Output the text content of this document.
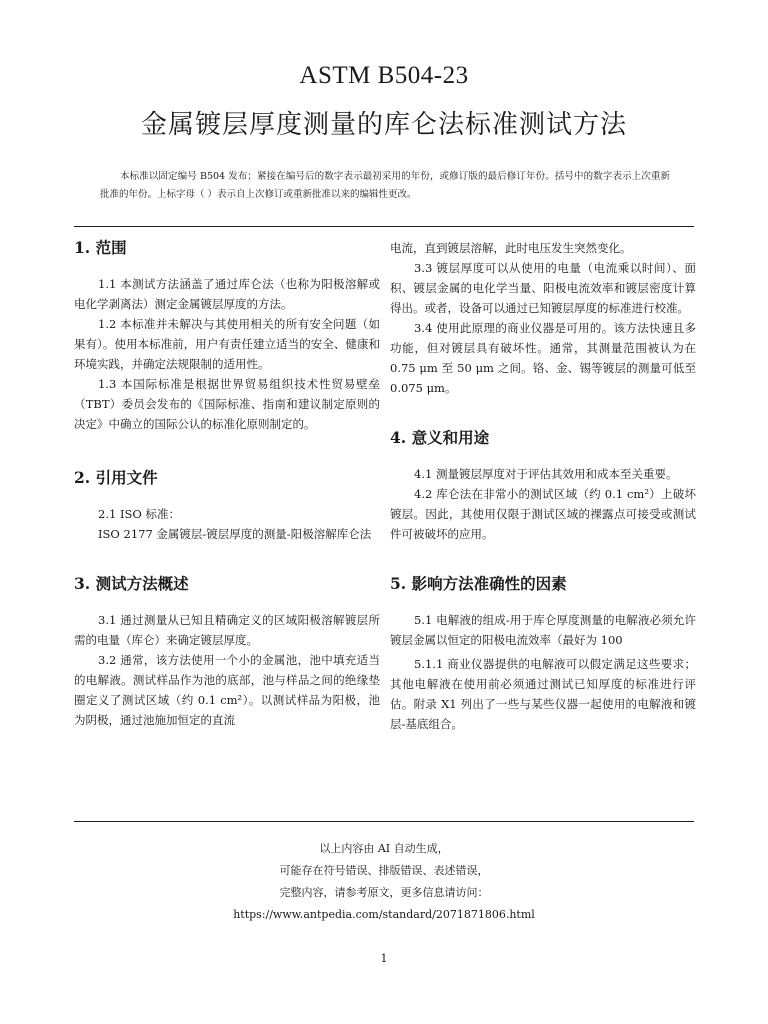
ASTM B504-23
金属镀层厚度测量的库仑法标准测试方法
本标准以固定编号 B504 发布；紧接在编号后的数字表示最初采用的年份，或修订版的最后修订年份。括号中的数字表示上次重新批准的年份。上标字母（ ）表示自上次修订或重新批准以来的编辑性更改。
1. 范围

1.1 本测试方法涵盖了通过库仑法（也称为阳极溶解或电化学剥离法）测定金属镀层厚度的方法。

1.2 本标准并未解决与其使用相关的所有安全问题（如果有）。使用本标准前，用户有责任建立适当的安全、健康和环境实践，并确定法规限制的适用性。

1.3 本国际标准是根据世界贸易组织技术性贸易壁垒（TBT）委员会发布的《国际标准、指南和建议制定原则的决定》中确立的国际公认的标准化原则制定的。

2. 引用文件

2.1 ISO 标准：

ISO 2177 金属镀层-镀层厚度的测量-阳极溶解库仑法

3. 测试方法概述

3.1 通过测量从已知且精确定义的区域阳极溶解镀层所需的电量（库仑）来确定镀层厚度。

3.2 通常，该方法使用一个小的金属池，池中填充适当的电解液。测试样品作为池的底部，池与样品之间的绝缘垫圈定义了测试区域（约 0.1 cm²）。以测试样品为阳极，池为阴极，通过池施加恒定的直流

电流，直到镀层溶解，此时电压发生突然变化。

3.3 镀层厚度可以从使用的电量（电流乘以时间）、面积、镀层金属的电化学当量、阳极电流效率和镀层密度计算得出。或者，设备可以通过已知镀层厚度的标准进行校准。

3.4 使用此原理的商业仪器是可用的。该方法快速且多功能，但对镀层具有破坏性。通常，其测量范围被认为在 0.75 μm 至 50 μm 之间。铬、金、锡等镀层的测量可低至 0.075 μm。

4. 意义和用途

4.1 测量镀层厚度对于评估其效用和成本至关重要。

4.2 库仑法在非常小的测试区域（约 0.1 cm²）上破坏镀层。因此，其使用仅限于测试区域的裸露点可接受或测试件可被破坏的应用。

5. 影响方法准确性的因素

5.1 电解液的组成-用于库仑厚度测量的电解液必须允许镀层金属以恒定的阳极电流效率（最好为 100

5.1.1 商业仪器提供的电解液可以假定满足这些要求；其他电解液在使用前必须通过测试已知厚度的标准进行评估。附录 X1 列出了一些与某些仪器一起使用的电解液和镀层-基底组合。

以上内容由 AI 自动生成，
可能存在符号错误、排版错误、表述错误，
完整内容，请参考原文，更多信息请访问：
https://www.antpedia.com/standard/2071871806.html
1
